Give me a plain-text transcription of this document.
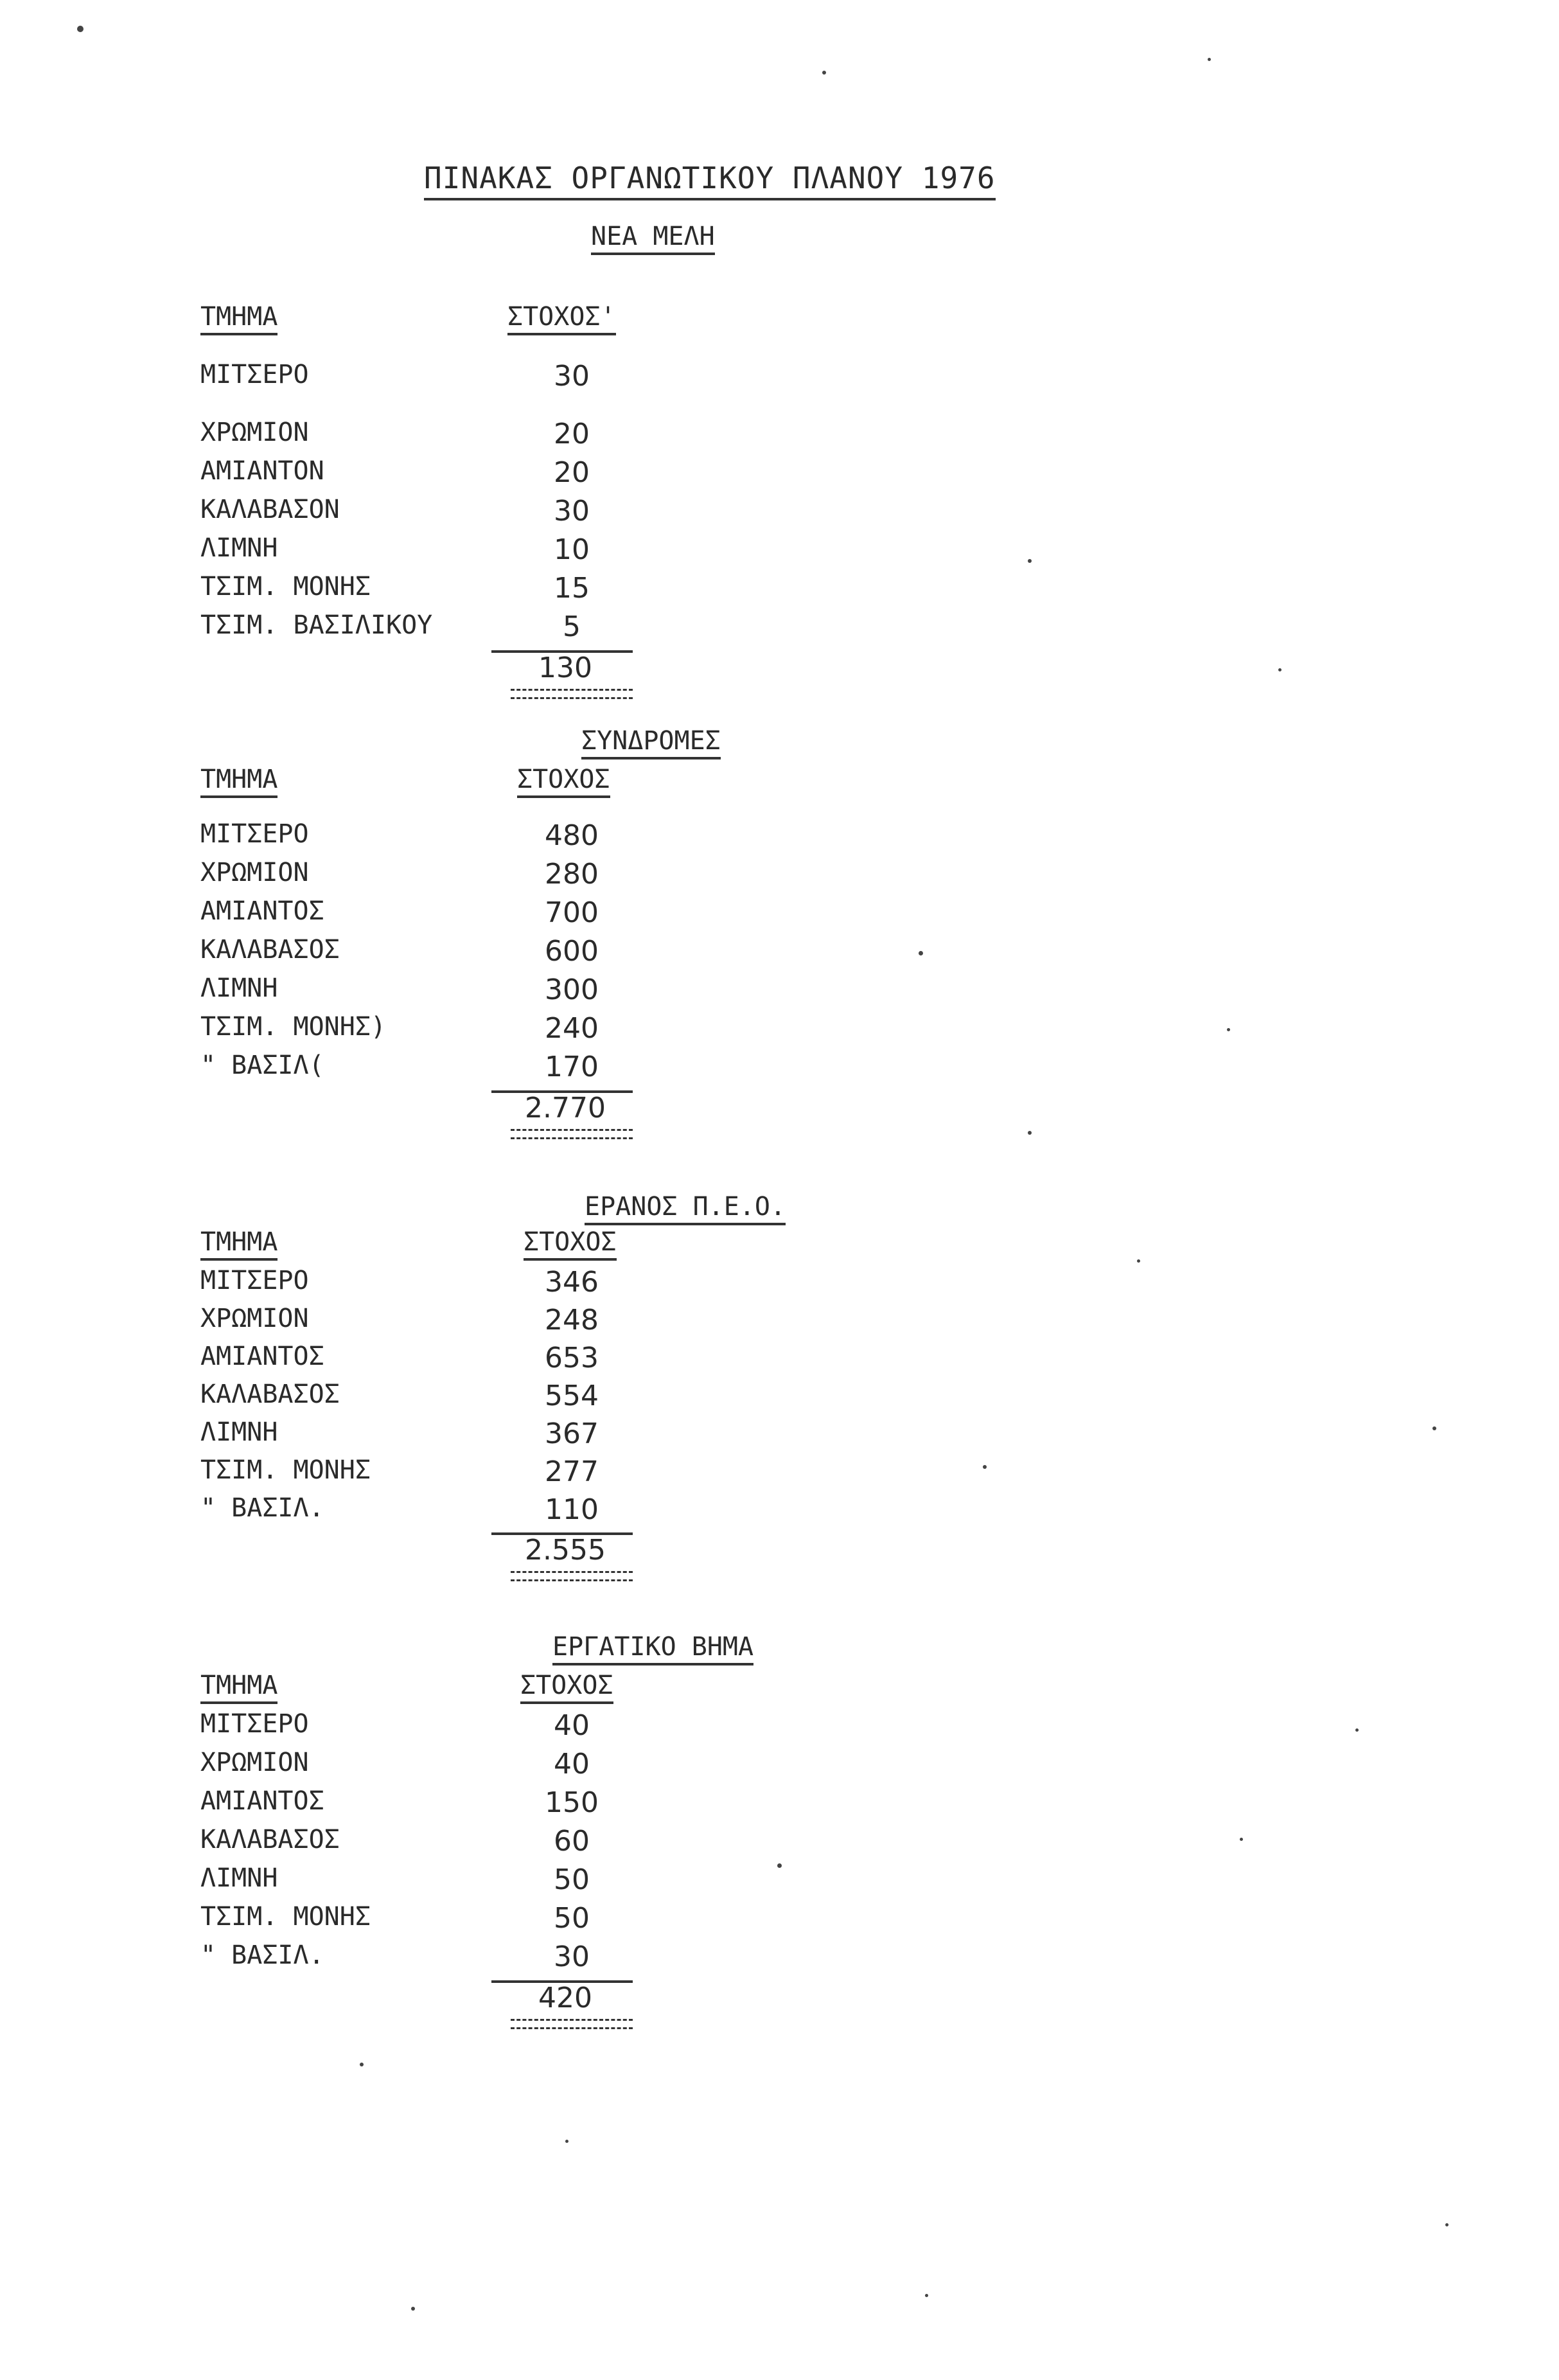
ΠΙΝΑΚΑΣ ΟΡΓΑΝΩΤΙΚΟΥ ΠΛΑΝΟΥ 1976
ΝΕΑ ΜΕΛΗ
ΤΜΗΜΑ	ΣΤΟΧΟΣ'
ΜΙΤΣΕΡΟ	30
ΧΡΩΜΙΟΝ	20
ΑΜΙΑΝΤΟΝ	20
ΚΑΛΑΒΑΣΟΝ	30
ΛΙΜΝΗ	10
ΤΣΙΜ. ΜΟΝΗΣ	15
ΤΣΙΜ. ΒΑΣΙΛΙΚΟΥ	5
130
ΣΥΝΔΡΟΜΕΣ
ΤΜΗΜΑ	ΣΤΟΧΟΣ
ΜΙΤΣΕΡΟ	480
ΧΡΩΜΙΟΝ	280
ΑΜΙΑΝΤΟΣ	700
ΚΑΛΑΒΑΣΟΣ	600
ΛΙΜΝΗ	300
ΤΣΙΜ. ΜΟΝΗΣ)	240
" ΒΑΣΙΛ(	170
2.770
ΕΡΑΝΟΣ Π.Ε.Ο.
ΤΜΗΜΑ	ΣΤΟΧΟΣ
ΜΙΤΣΕΡΟ	346
ΧΡΩΜΙΟΝ	248
ΑΜΙΑΝΤΟΣ	653
ΚΑΛΑΒΑΣΟΣ	554
ΛΙΜΝΗ	367
ΤΣΙΜ. ΜΟΝΗΣ	277
" ΒΑΣΙΛ.	110
2.555
ΕΡΓΑΤΙΚΟ ΒΗΜΑ
ΤΜΗΜΑ	ΣΤΟΧΟΣ
ΜΙΤΣΕΡΟ	40
ΧΡΩΜΙΟΝ	40
ΑΜΙΑΝΤΟΣ	150
ΚΑΛΑΒΑΣΟΣ	60
ΛΙΜΝΗ	50
ΤΣΙΜ. ΜΟΝΗΣ	50
" ΒΑΣΙΛ.	30
420
